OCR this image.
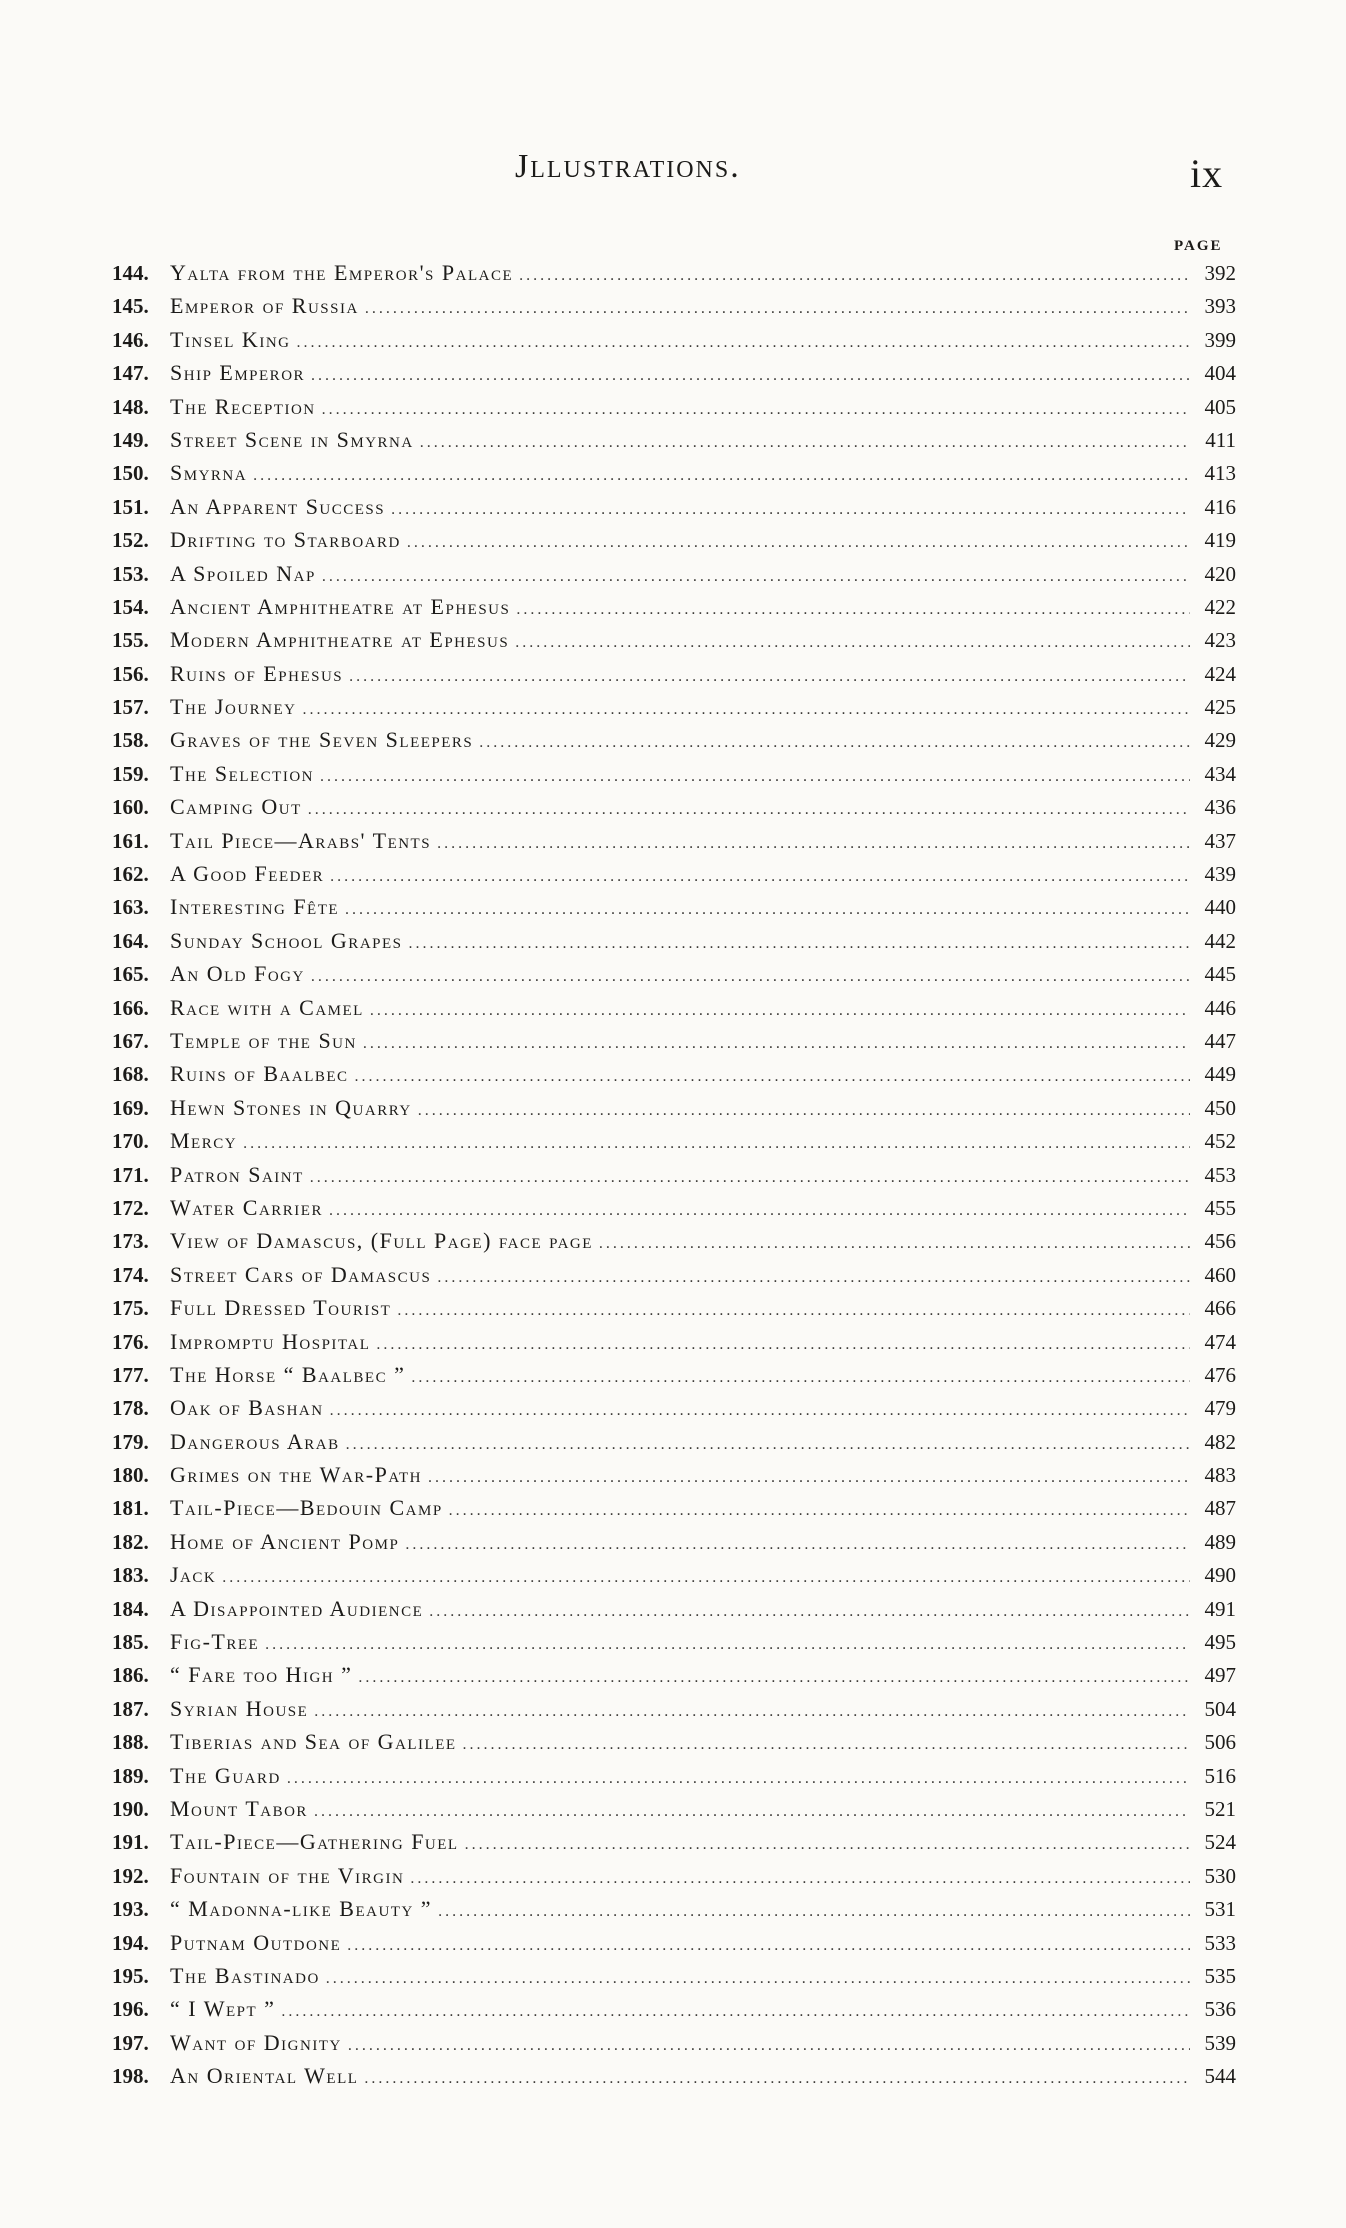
Jllustrations.	ix
PAGE
144. Yalta from the Emperor's Palace .....	392
145. Emperor of Russia .....	393
146. Tinsel King .....	399
147. Ship Emperor .....	404
148. The Reception .....	405
149. Street Scene in Smyrna .....	411
150. Smyrna .....	413
151. An Apparent Success .....	416
152. Drifting to Starboard .....	419
153. A Spoiled Nap .....	420
154. Ancient Amphitheatre at Ephesus .....	422
155. Modern Amphitheatre at Ephesus .....	423
156. Ruins of Ephesus .....	424
157. The Journey .....	425
158. Graves of the Seven Sleepers .....	429
159. The Selection .....	434
160. Camping Out .....	436
161. Tail Piece—Arabs' Tents .....	437
162. A Good Feeder .....	439
163. Interesting Fête .....	440
164. Sunday School Grapes .....	442
165. An Old Fogy .....	445
166. Race with a Camel .....	446
167. Temple of the Sun .....	447
168. Ruins of Baalbec .....	449
169. Hewn Stones in Quarry .....	450
170. Mercy .....	452
171. Patron Saint .....	453
172. Water Carrier .....	455
173. View of Damascus, (Full Page) face page .....	456
174. Street Cars of Damascus .....	460
175. Full Dressed Tourist .....	466
176. Impromptu Hospital .....	474
177. The Horse “ Baalbec ” .....	476
178. Oak of Bashan .....	479
179. Dangerous Arab .....	482
180. Grimes on the War-Path .....	483
181. Tail-Piece—Bedouin Camp .....	487
182. Home of Ancient Pomp .....	489
183. Jack .....	490
184. A Disappointed Audience .....	491
185. Fig-Tree .....	495
186. “ Fare too High ” .....	497
187. Syrian House .....	504
188. Tiberias and Sea of Galilee .....	506
189. The Guard .....	516
190. Mount Tabor .....	521
191. Tail-Piece—Gathering Fuel .....	524
192. Fountain of the Virgin .....	530
193. “ Madonna-like Beauty ” .....	531
194. Putnam Outdone .....	533
195. The Bastinado .....	535
196. “ I Wept ” .....	536
197. Want of Dignity .....	539
198. An Oriental Well .....	544
